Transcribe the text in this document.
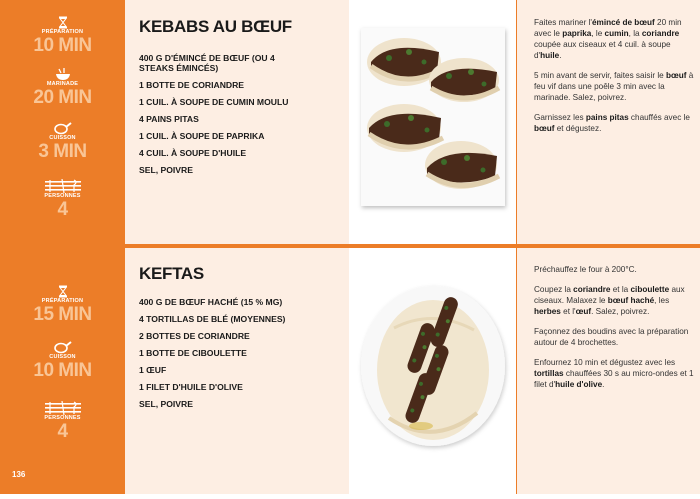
PRÉPARATION
10 MIN
MARINADE
20 MIN
CUISSON
3 MIN
PERSONNES
4
KEBABS AU BŒUF
400 G D'ÉMINCÉ DE BŒUF (OU 4 STEAKS ÉMINCÉS)
1 BOTTE DE CORIANDRE
1 CUIL. À SOUPE DE CUMIN MOULU
4 PAINS PITAS
1 CUIL. À SOUPE DE PAPRIKA
4 CUIL. À SOUPE D'HUILE
SEL, POIVRE

Faites mariner l'émincé de bœuf 20 min avec le paprika, le cumin, la coriandre coupée aux ciseaux et 4 cuil. à soupe d'huile.

5 min avant de servir, faites saisir le bœuf à feu vif dans une poêle 3 min avec la marinade. Salez, poivrez.

Garnissez les pains pitas chauffés avec le bœuf et dégustez.

PRÉPARATION
15 MIN
CUISSON
10 MIN
PERSONNES
4
136
KEFTAS
400 G DE BŒUF HACHÉ (15 % MG)
4 TORTILLAS DE BLÉ (MOYENNES)
2 BOTTES DE CORIANDRE
1 BOTTE DE CIBOULETTE
1 ŒUF
1 FILET D'HUILE D'OLIVE
SEL, POIVRE

Préchauffez le four à 200°C.

Coupez la coriandre et la ciboulette aux ciseaux. Malaxez le bœuf haché, les herbes et l'œuf. Salez, poivrez.

Façonnez des boudins avec la préparation autour de 4 brochettes.

Enfournez 10 min et dégustez avec les tortillas chauffées 30 s au micro-ondes et 1 filet d'huile d'olive.
